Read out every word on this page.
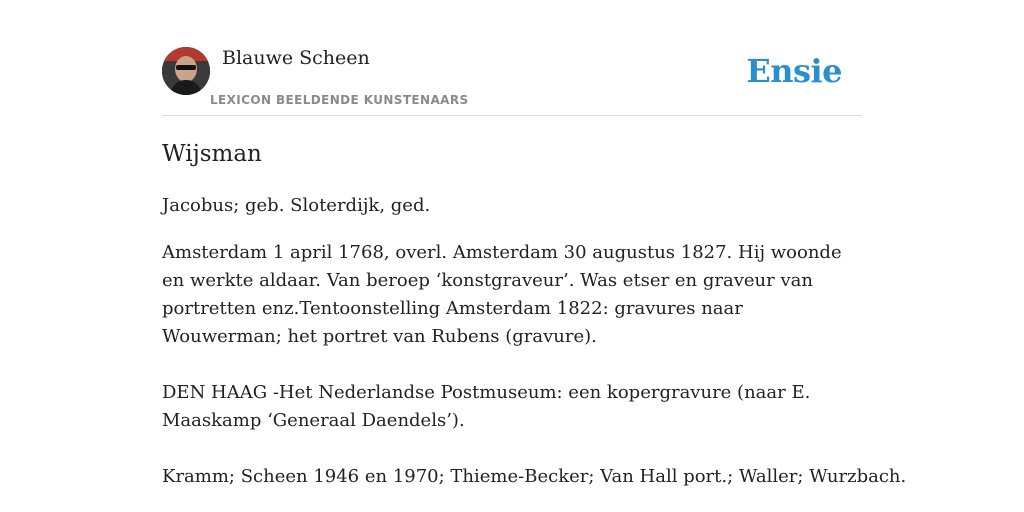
Blauwe Scheen
LEXICON BEELDENDE KUNSTENAARS
Ensie
Wijsman

Jacobus; geb. Sloterdijk, ged.

Amsterdam 1 april 1768, overl. Amsterdam 30 augustus 1827. Hij woonde en werkte aldaar. Van beroep ‘konstgraveur’. Was etser en graveur van portretten enz.Tentoonstelling Amsterdam 1822: gravures naar Wouwerman; het portret van Rubens (gravure).

DEN HAAG -Het Nederlandse Postmuseum: een kopergravure (naar E. Maaskamp ‘Generaal Daendels’).

Kramm; Scheen 1946 en 1970; Thieme-Becker; Van Hall port.; Waller; Wurzbach.
